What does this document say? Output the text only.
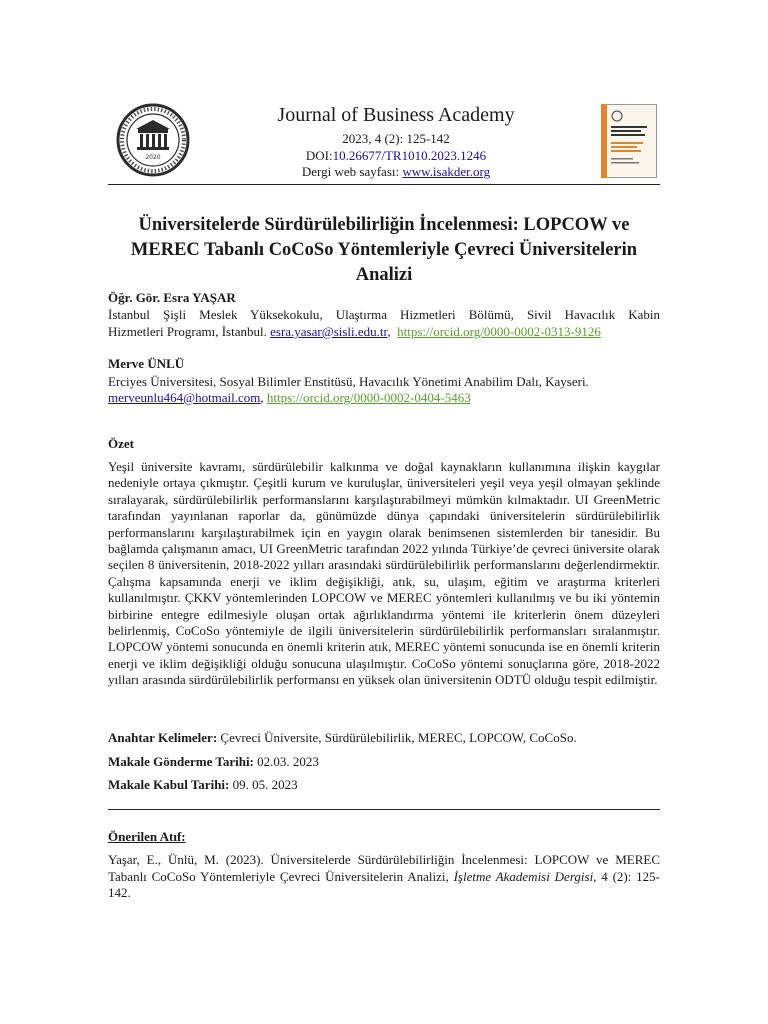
2020
Journal of Business Academy
2023, 4 (2): 125-142
DOI:10.26677/TR1010.2023.1246
Dergi web sayfası: www.isakder.org
Üniversitelerde Sürdürülebilirliğin İncelenmesi: LOPCOW ve MEREC Tabanlı CoCoSo Yöntemleriyle Çevreci Üniversitelerin Analizi
Öğr. Gör. Esra YAŞAR
İstanbul Şişli Meslek Yüksekokulu, Ulaştırma Hizmetleri Bölümü, Sivil Havacılık Kabin
Hizmetleri Programı, İstanbul. esra.yasar@sisli.edu.tr,  https://orcid.org/0000-0002-0313-9126
Merve ÜNLÜ
Erciyes Üniversitesi, Sosyal Bilimler Enstitüsü, Havacılık Yönetimi Anabilim Dalı, Kayseri.
merveunlu464@hotmail.com, https://orcid.org/0000-0002-0404-5463
Özet
Yeşil üniversite kavramı, sürdürülebilir kalkınma ve doğal kaynakların kullanımına ilişkin kaygılar nedeniyle ortaya çıkmıştır. Çeşitli kurum ve kuruluşlar, üniversiteleri yeşil veya yeşil olmayan şeklinde sıralayarak, sürdürülebilirlik performanslarını karşılaştırabilmeyi mümkün kılmaktadır. UI GreenMetric tarafından yayınlanan raporlar da, günümüzde dünya çapındaki üniversitelerin sürdürülebilirlik performanslarını karşılaştırabilmek için en yaygın olarak benimsenen sistemlerden bir tanesidir. Bu bağlamda çalışmanın amacı, UI GreenMetric tarafından 2022 yılında Türkiye’de çevreci üniversite olarak seçilen 8 üniversitenin, 2018-2022 yılları arasındaki sürdürülebilirlik performanslarını değerlendirmektir. Çalışma kapsamında enerji ve iklim değişikliği, atık, su, ulaşım, eğitim ve araştırma kriterleri kullanılmıştır. ÇKKV yöntemlerinden LOPCOW ve MEREC yöntemleri kullanılmış ve bu iki yöntemin birbirine entegre edilmesiyle oluşan ortak ağırlıklandırma yöntemi ile kriterlerin önem düzeyleri belirlenmiş, CoCoSo yöntemiyle de ilgili üniversitelerin sürdürülebilirlik performansları sıralanmıştır. LOPCOW yöntemi sonucunda en önemli kriterin atık, MEREC yöntemi sonucunda ise en önemli kriterin enerji ve iklim değişikliği olduğu sonucuna ulaşılmıştır. CoCoSo yöntemi sonuçlarına göre, 2018-2022 yılları arasında sürdürülebilirlik performansı en yüksek olan üniversitenin ODTÜ olduğu tespit edilmiştir.
Anahtar Kelimeler: Çevreci Üniversite, Sürdürülebilirlik, MEREC, LOPCOW, CoCoSo.
Makale Gönderme Tarihi: 02.03. 2023
Makale Kabul Tarihi: 09. 05. 2023
Önerilen Atıf:
Yaşar, E., Ünlü, M. (2023). Üniversitelerde Sürdürülebilirliğin İncelenmesi: LOPCOW ve MEREC Tabanlı CoCoSo Yöntemleriyle Çevreci Üniversitelerin Analizi, İşletme Akademisi Dergisi, 4 (2): 125-142.
